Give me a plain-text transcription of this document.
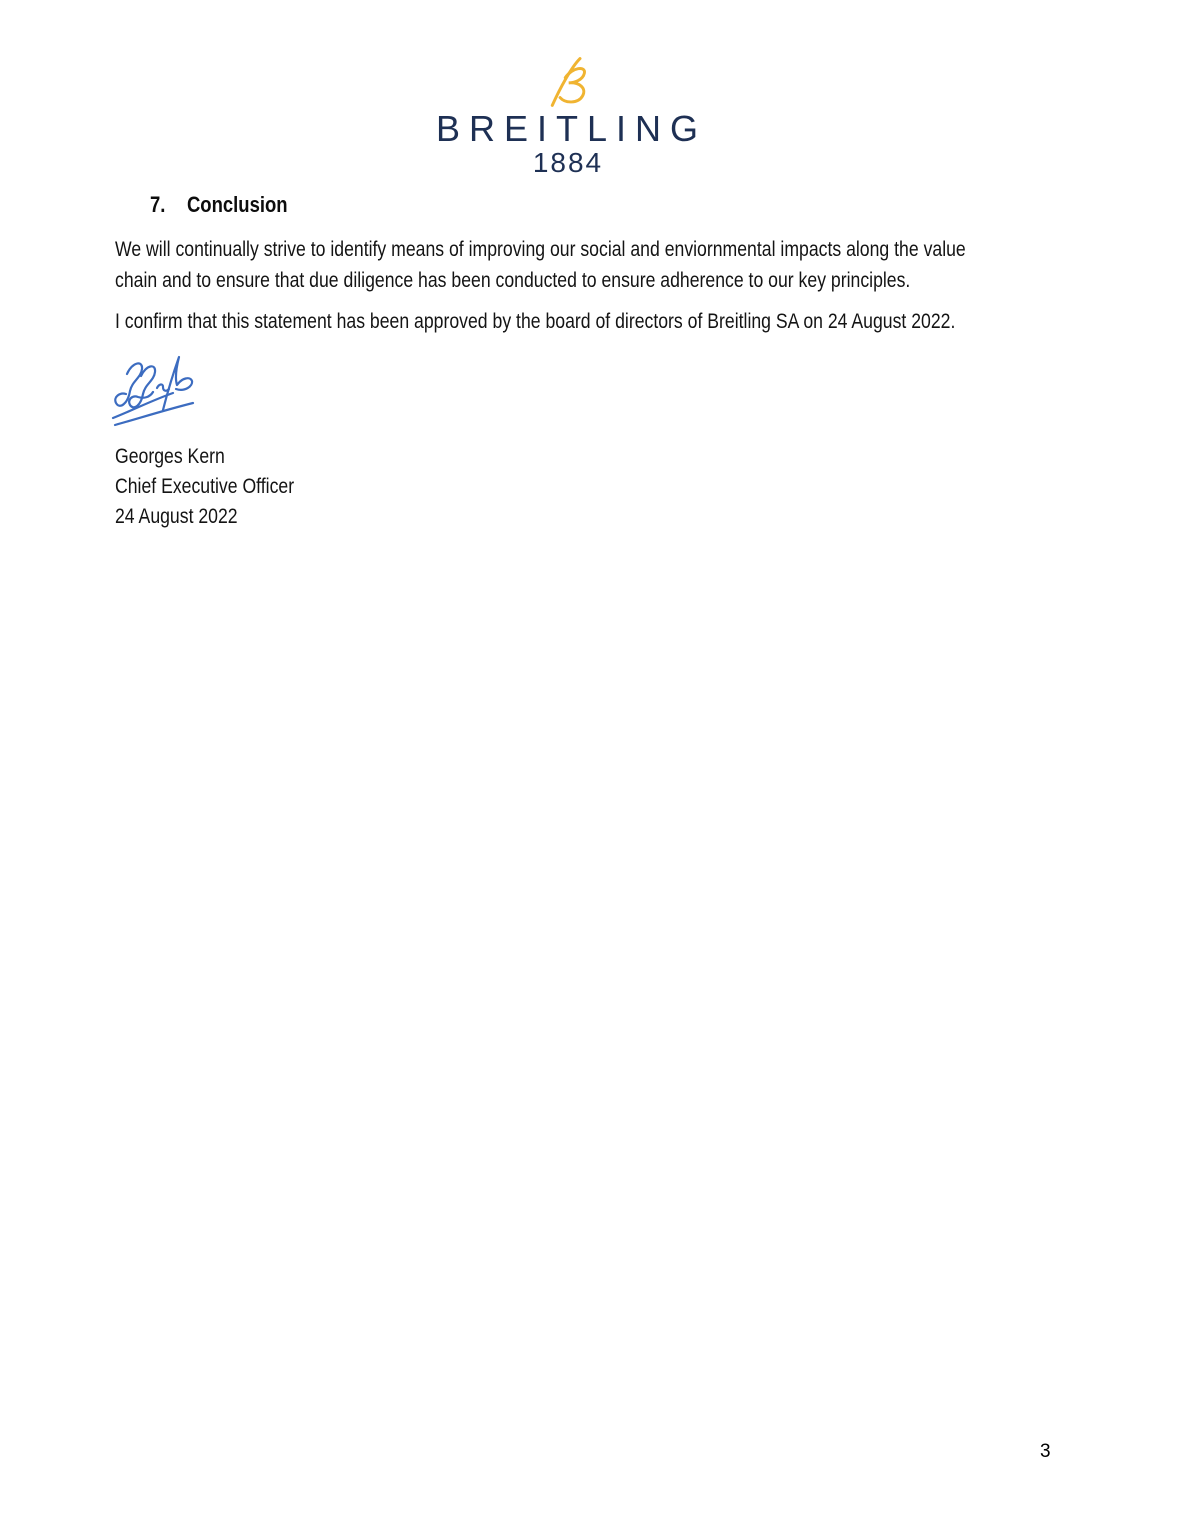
BREITLING
1884
7. Conclusion
We will continually strive to identify means of improving our social and enviornmental impacts along the value
chain and to ensure that due diligence has been conducted to ensure adherence to our key principles.
I confirm that this statement has been approved by the board of directors of Breitling SA on 24 August 2022.
Georges Kern
Chief Executive Officer
24 August 2022
3
